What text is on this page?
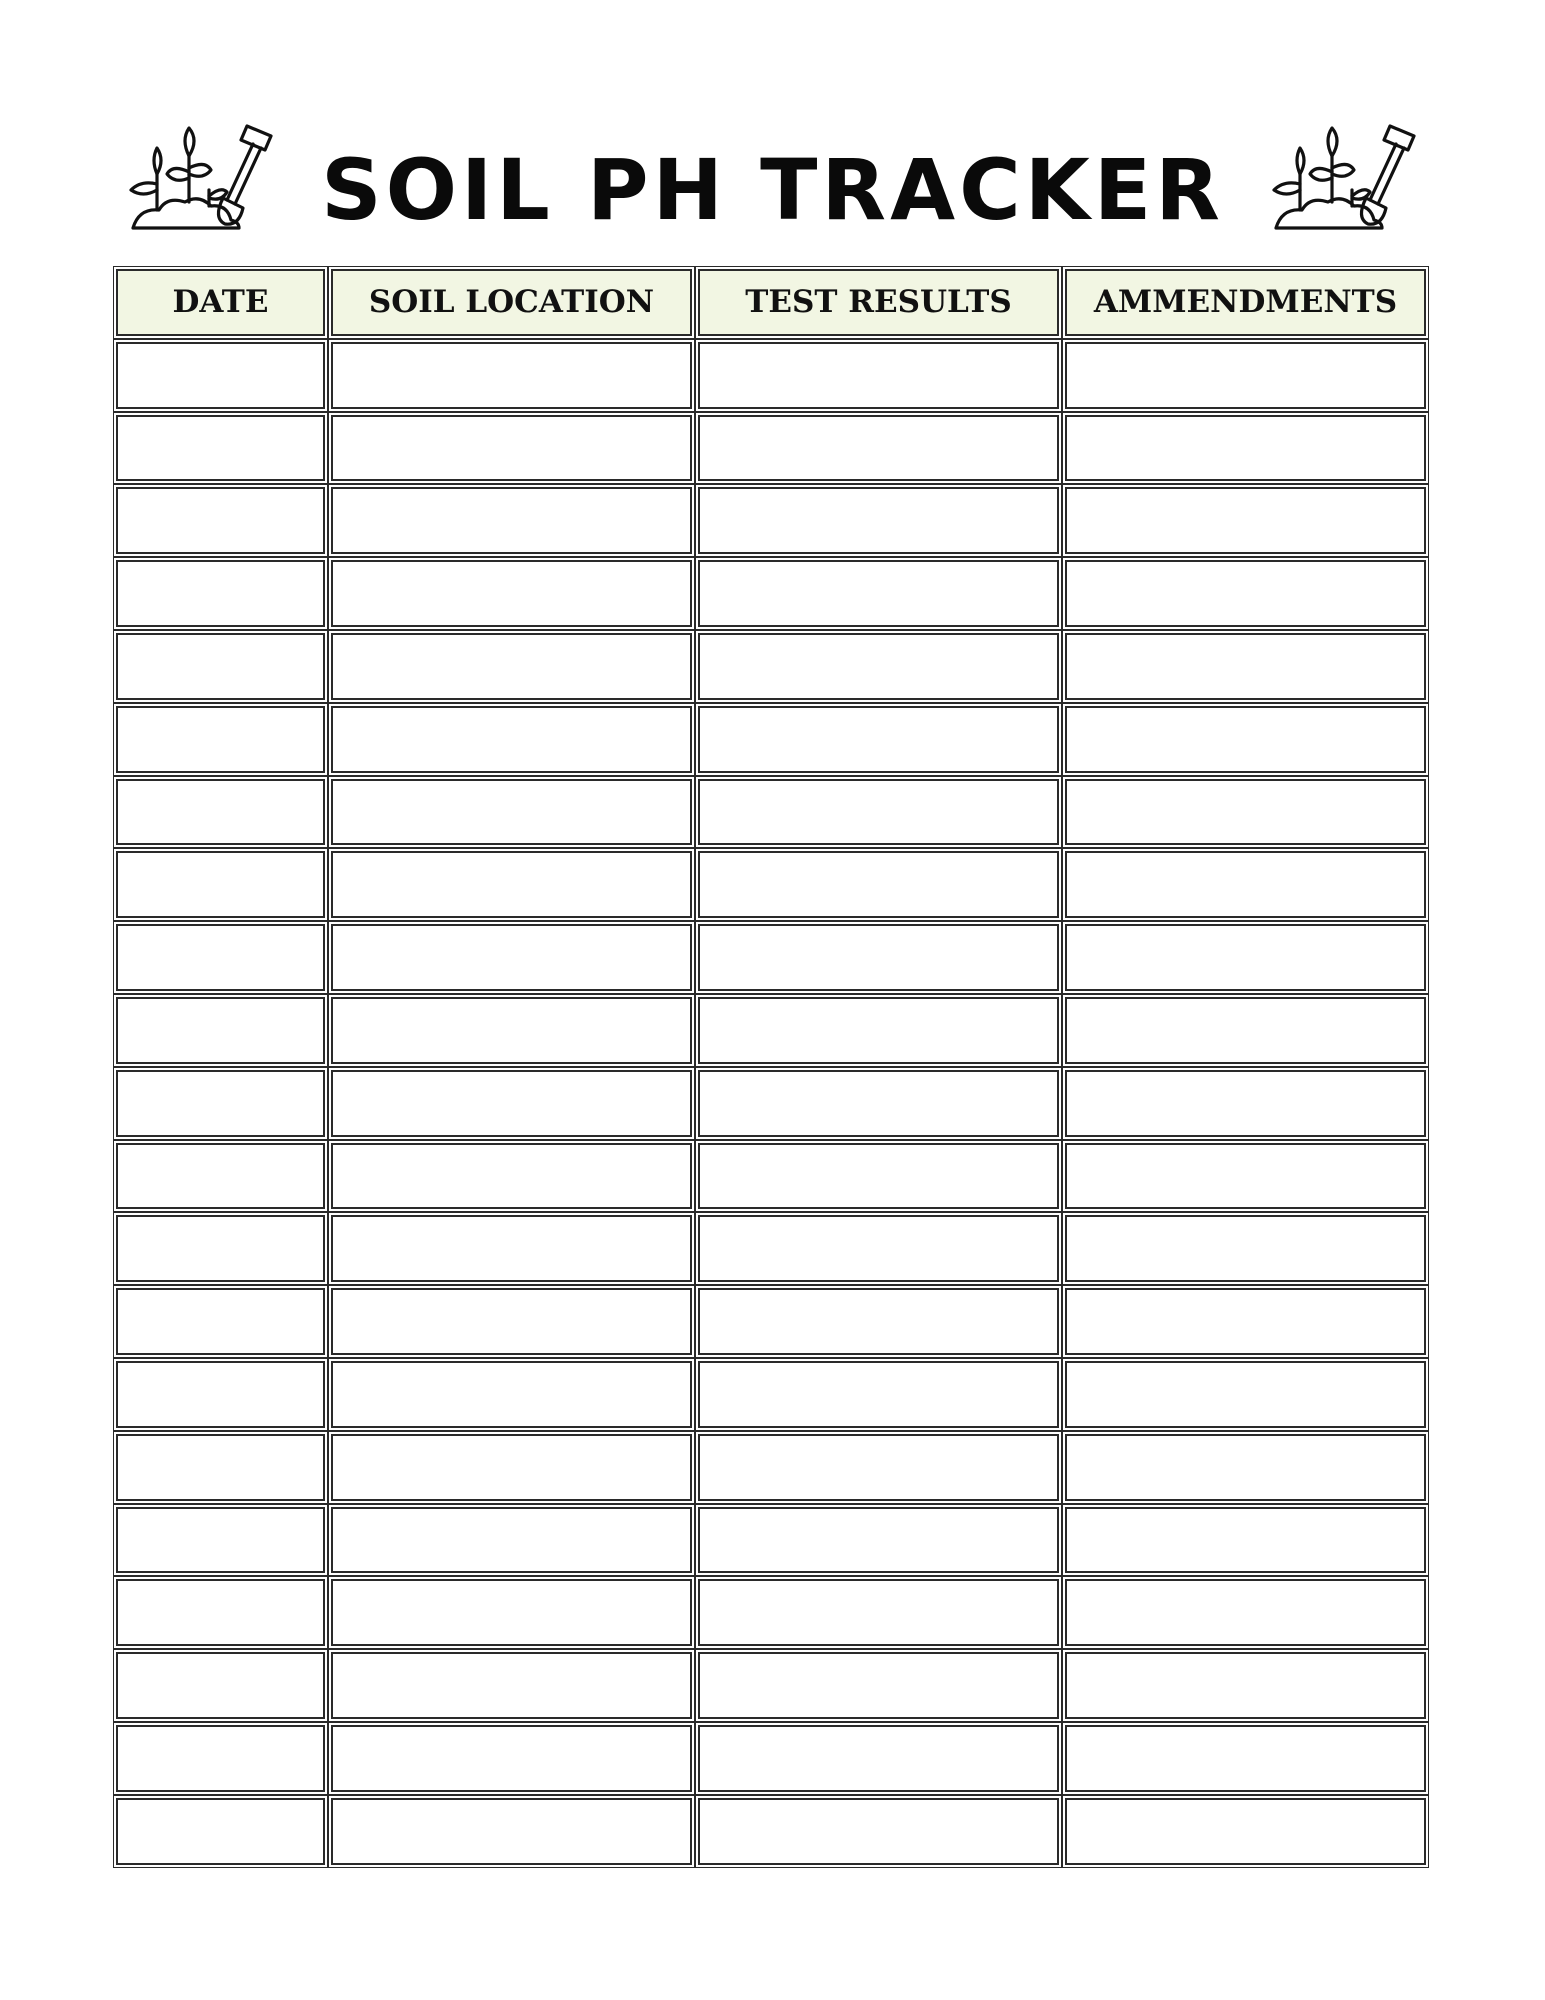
SOIL PH TRACKER
DATE	SOIL LOCATION	TEST RESULTS	AMMENDMENTS
